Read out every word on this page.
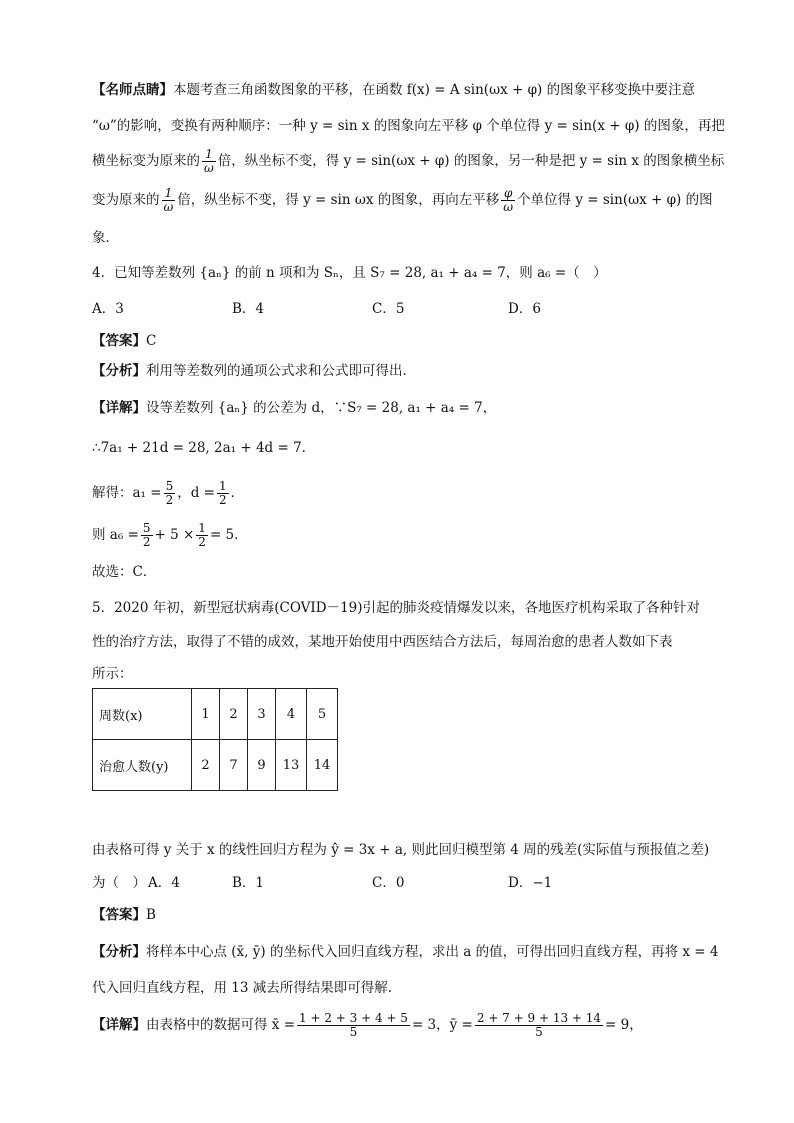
【名师点睛】本题考查三角函数图象的平移，在函数 f(x) = A sin(ωx + φ) 的图象平移变换中要注意
“ω”的影响，变换有两种顺序：一种 y = sin x 的图象向左平移 φ 个单位得 y = sin(x + φ) 的图象，再把
横坐标变为原来的 $\frac{1}{\omega}$ 倍，纵坐标不变，得 y = sin(ωx + φ) 的图象，另一种是把 y = sin x 的图象横坐标
变为原来的 $\frac{1}{\omega}$ 倍，纵坐标不变，得 y = sin ωx 的图象，再向左平移 $\frac{\varphi}{\omega}$ 个单位得 y = sin(ωx + φ) 的图
象．
4．已知等差数列 {aₙ} 的前 n 项和为 Sₙ，且 S₇ = 28, a₁ + a₄ = 7，则 a₆ =（　）
A．3	B．4	C．5	D．6
【答案】C
【分析】利用等差数列的通项公式求和公式即可得出．
【详解】设等差数列 {aₙ} 的公差为 d，∵S₇ = 28, a₁ + a₄ = 7，
∴7a₁ + 21d = 28, 2a₁ + 4d = 7．
解得：$a_1 = \frac{5}{2}$ ，$d = \frac{1}{2}$ ．
则 $a_6 = \frac{5}{2} + 5 \times \frac{1}{2} = 5$．
故选：C．
5．2020 年初，新型冠状病毒(COVID－19)引起的肺炎疫情爆发以来，各地医疗机构采取了各种针对
性的治疗方法，取得了不错的成效，某地开始使用中西医结合方法后，每周治愈的患者人数如下表
所示：
周数(x)	1	2	3	4	5
治愈人数(y)	2	7	9	13	14
由表格可得 y 关于 x 的线性回归方程为 ŷ = 3x + a, 则此回归模型第 4 周的残差(实际值与预报值之差)
为（　） A．4	B．1	C．0	D．−1
【答案】B
【分析】将样本中心点 (x̄, ȳ) 的坐标代入回归直线方程，求出 a 的值，可得出回归直线方程，再将 x = 4
代入回归直线方程，用 13 减去所得结果即可得解.
【详解】由表格中的数据可得 x̄ = $\frac{1 + 2 + 3 + 4 + 5}{5} = 3$，ȳ = $\frac{2 + 7 + 9 + 13 + 14}{5} = 9$，
